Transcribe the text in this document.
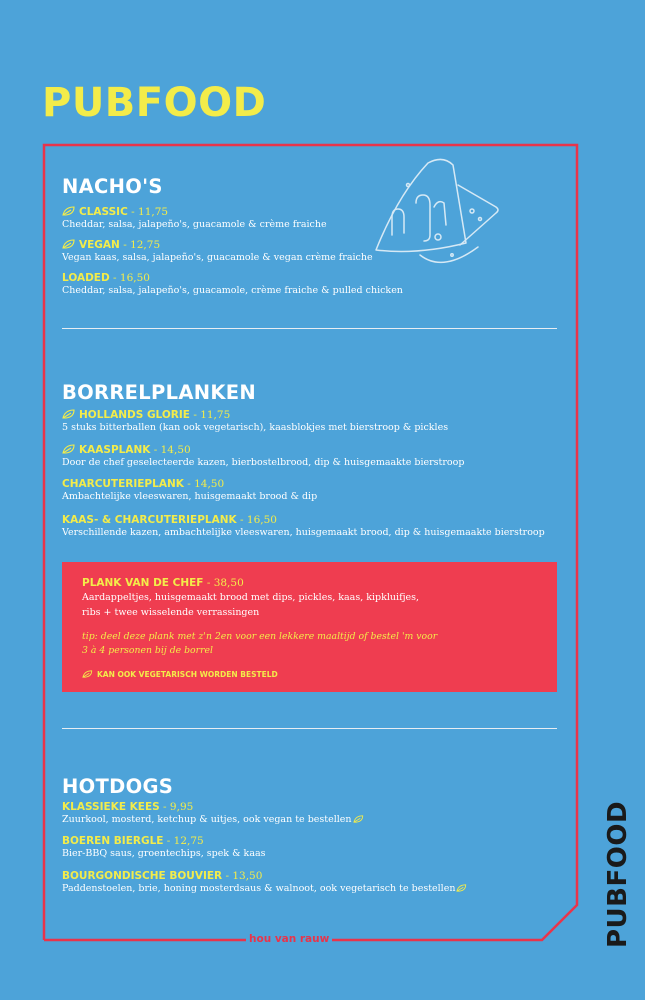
PUBFOOD
PUBFOOD
hou van rauw
NACHO'S
CLASSIC - 11,75
Cheddar, salsa, jalapeño's, guacamole & crème fraiche
VEGAN - 12,75
Vegan kaas, salsa, jalapeño's, guacamole & vegan crème fraiche
LOADED - 16,50
Cheddar, salsa, jalapeño's, guacamole, crème fraiche & pulled chicken
BORRELPLANKEN
HOLLANDS GLORIE - 11,75
5 stuks bitterballen (kan ook vegetarisch), kaasblokjes met bierstroop & pickles
KAASPLANK - 14,50
Door de chef geselecteerde kazen, bierbostelbrood, dip & huisgemaakte bierstroop
CHARCUTERIEPLANK - 14,50
Ambachtelijke vleeswaren, huisgemaakt brood & dip
KAAS- & CHARCUTERIEPLANK - 16,50
Verschillende kazen, ambachtelijke vleeswaren, huisgemaakt brood, dip & huisgemaakte bierstroop
PLANK VAN DE CHEF - 38,50
Aardappeltjes, huisgemaakt brood met dips, pickles, kaas, kipkluifjes,
ribs + twee wisselende verrassingen
tip: deel deze plank met z'n 2en voor een lekkere maaltijd of bestel 'm voor
3 à 4 personen bij de borrel
KAN OOK VEGETARISCH WORDEN BESTELD
HOTDOGS
KLASSIEKE KEES - 9,95
Zuurkool, mosterd, ketchup & uitjes, ook vegan te bestellen
BOEREN BIERGLE - 12,75
Bier-BBQ saus, groentechips, spek & kaas
BOURGONDISCHE BOUVIER - 13,50
Paddenstoelen, brie, honing mosterdsaus & walnoot, ook vegetarisch te bestellen
